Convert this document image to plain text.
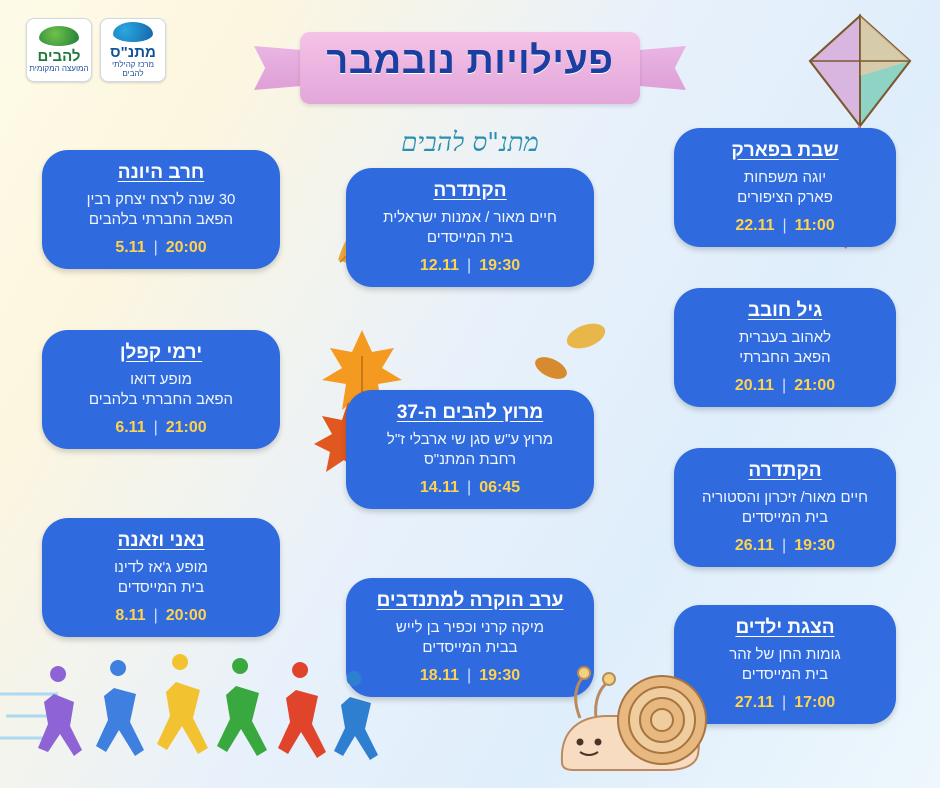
להבים
המועצה המקומית
מתנ"ס
מרכז קהילתי להבים	פעילויות נובמבר
מתנ"ס להבים	שבת בפארק

יוגה משפחות

פארק הציפורים

11:00
|
22.11
גיל חובב

לאהוב בעברית

הפאב החברתי

21:00
|
20.11
הקתדרה

חיים מאור/ זיכרון והסטוריה

בית המייסדים

19:30
|
26.11
הצגת ילדים

גומות החן של זהר

בית המייסדים

17:00
|
27.11
הקתדרה

חיים מאור / אמנות ישראלית

בית המייסדים

19:30
|
12.11
מרוץ להבים ה-37

מרוץ ע"ש סגן שי ארבלי ז"ל

רחבת המתנ"ס

06:45
|
14.11
ערב הוקרה למתנדבים

מיקה קרני וכפיר בן לייש

בבית המייסדים

19:30
|
18.11
חרב היונה

30 שנה לרצח יצחק רבין

הפאב החברתי בלהבים

20:00
|
5.11
ירמי קפלן

מופע דואו

הפאב החברתי בלהבים

21:00
|
6.11
נאני וזאנה

מופע ג'אז לדינו

בית המייסדים

20:00
|
8.11
